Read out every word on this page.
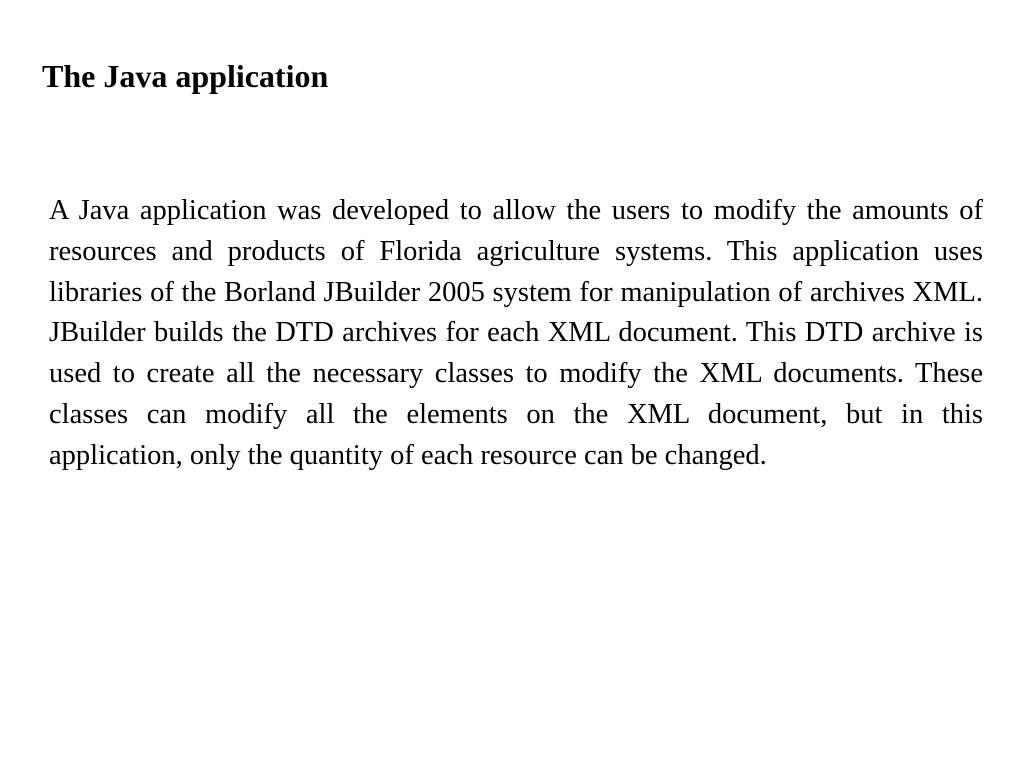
The Java application

A Java application was developed to allow the users to modify the amounts of resources and products of Florida agriculture systems. This application uses libraries of the Borland JBuilder 2005 system for manipulation of archives XML. JBuilder builds the DTD archives for each XML document. This DTD archive is used to create all the necessary classes to modify the XML documents. These classes can modify all the elements on the XML document, but in this application, only the quantity of each resource can be changed.
